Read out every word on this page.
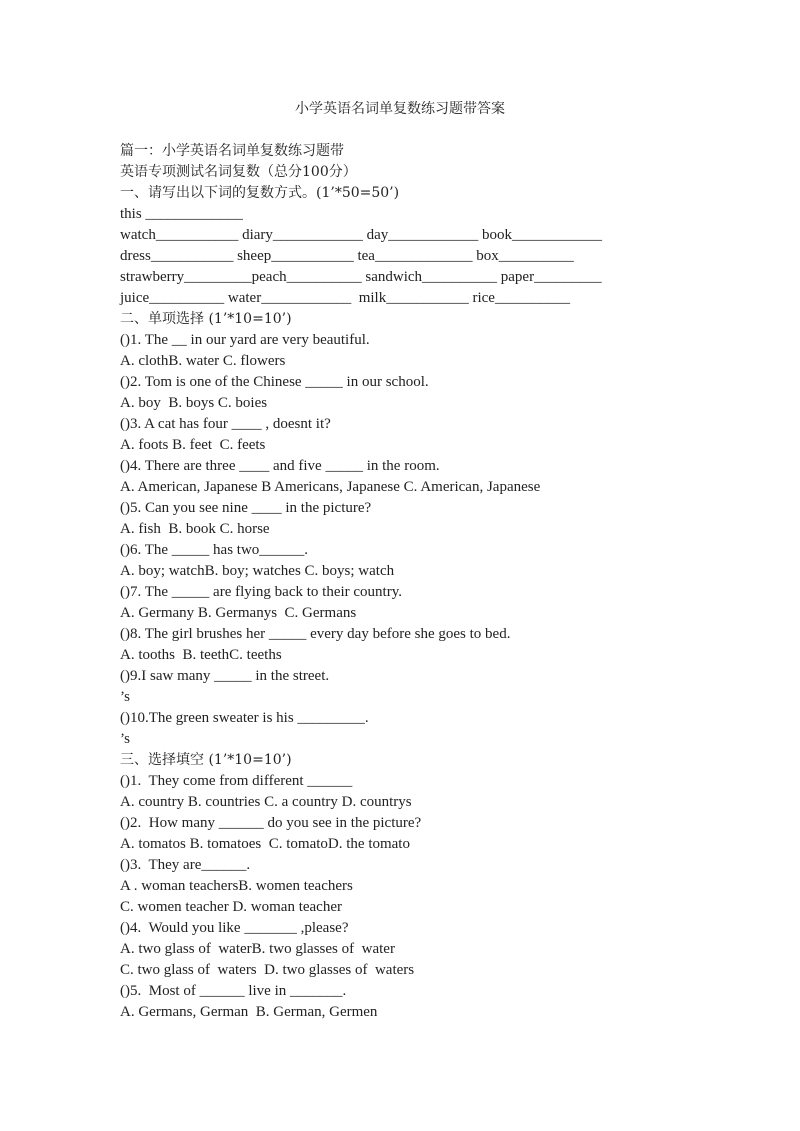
小学英语名词单复数练习题带答案
篇一：小学英语名词单复数练习题带
英语专项测试名词复数（总分100分）
一、请写出以下词的复数方式。(1’*50=50’)
this _____________
watch___________ diary____________ day____________ book____________
dress___________ sheep___________ tea_____________ box__________
strawberry_________peach__________ sandwich__________ paper_________
juice__________ water____________  milk___________ rice__________
二、单项选择 (1’*10=10’)
()1. The __ in our yard are very beautiful.
A. clothB. water C. flowers
()2. Tom is one of the Chinese _____ in our school.
A. boy  B. boys C. boies
()3. A cat has four ____ , doesnt it?
A. foots B. feet  C. feets
()4. There are three ____ and five _____ in the room.
A. American, Japanese B Americans, Japanese C. American, Japanese
()5. Can you see nine ____ in the picture?
A. fish  B. book C. horse
()6. The _____ has two______.
A. boy; watchB. boy; watches C. boys; watch
()7. The _____ are flying back to their country.
A. Germany B. Germanys  C. Germans
()8. The girl brushes her _____ every day before she goes to bed.
A. tooths  B. teethC. teeths
()9.I saw many _____ in the street.
’s
()10.The green sweater is his _________.
’s
三、选择填空 (1’*10=10’)
()1.  They come from different ______
A. country B. countries C. a country D. countrys
()2.  How many ______ do you see in the picture?
A. tomatos B. tomatoes  C. tomatoD. the tomato
()3.  They are______.
A . woman teachersB. women teachers
C. women teacher D. woman teacher
()4.  Would you like _______ ,please?
A. two glass of  waterB. two glasses of  water
C. two glass of  waters  D. two glasses of  waters
()5.  Most of ______ live in _______.
A. Germans, German  B. German, Germen
